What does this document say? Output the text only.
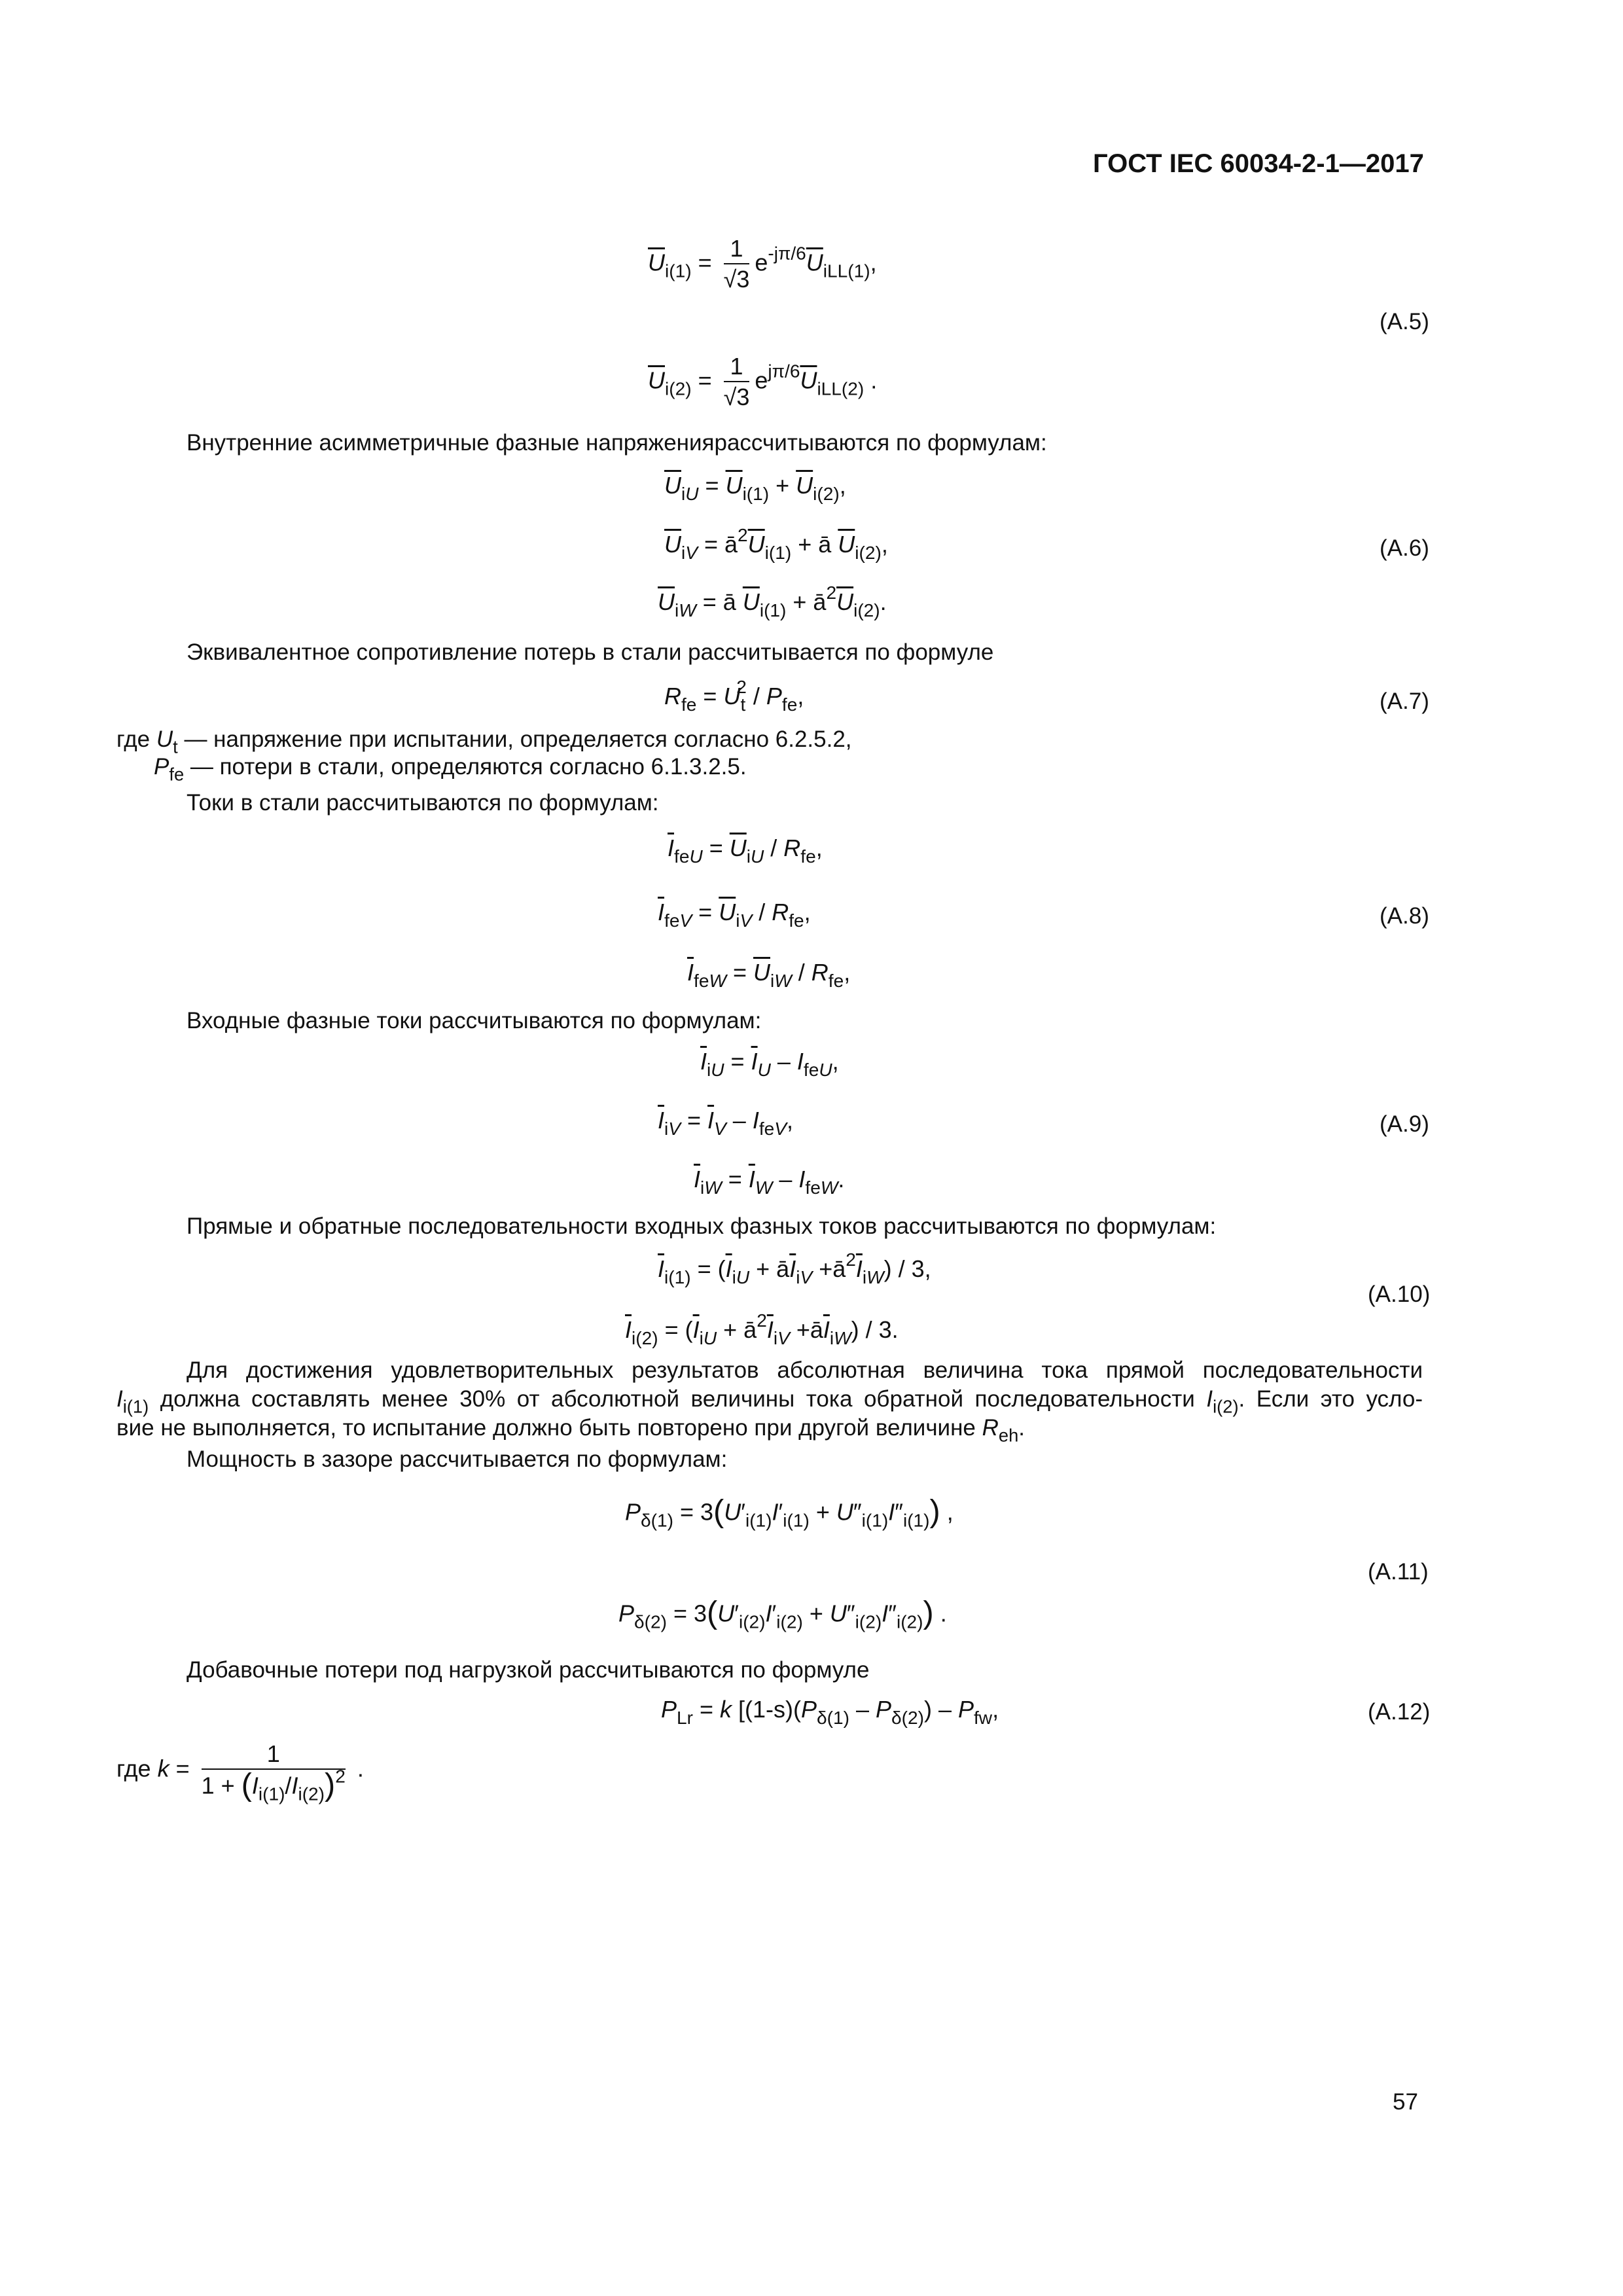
ГОСТ IEC 60034-2-1—2017
$\overline{U}_{i(1)} = \frac{1}{√3} e^{-j\pi/6}\overline{U}_{iLL(1)}$,
(А.5)
$\overline{U}_{i(2)} = \frac{1}{√3} e^{j\pi/6}\overline{U}_{iLL(2)}$ .
Внутренние асимметричные фазные напряжениярассчитываются по формулам:
$\overline{U}_{iU} = \overline{U}_{i(1)} + \overline{U}_{i(2)}$,
$\overline{U}_{iV}$ = $ā^2\overline{U}_{i(1)}$ + ā $\overline{U}_{i(2)}$,	(А.6)
$\overline{U}_{iW}$ = ā $\overline{U}_{i(1)}$ + $ā^2\overline{U}_{i(2)}$.
Эквивалентное сопротивление потерь в стали рассчитывается по формуле
$R_{fe} = U_t^2 / P_{fe}$,	(А.7)
где $U_t$ — напряжение при испытании, определяется согласно 6.2.5.2,
$P_{fe}$ — потери в стали, определяются согласно 6.1.3.2.5.
Токи в стали рассчитываются по формулам:
$\overline{I}_{feU} = \overline{U}_{iU} / R_{fe}$,
$\overline{I}_{feV} = \overline{U}_{iV} / R_{fe}$,	(А.8)
$\overline{I}_{feW} = \overline{U}_{iW} / R_{fe}$,
Входные фазные токи рассчитываются по формулам:
$\overline{I}_{iU} = \overline{I}_U - I_{feU}$,
$\overline{I}_{iV} = \overline{I}_V - I_{feV}$,	(А.9)
$\overline{I}_{iW} = \overline{I}_W - I_{feW}$.
Прямые и обратные последовательности входных фазных токов рассчитываются по формулам:
$\overline{I}_{i(1)} = (\overline{I}_{iU}$ + $ā\overline{I}_{iV}$ $+ā^2\overline{I}_{iW}) / 3$,
(А.10)
$\overline{I}_{i(2)} = (\overline{I}_{iU}$ + $ā^2\overline{I}_{iV}$ $+ā\overline{I}_{iW}) / 3$.
Для достижения удовлетворительных результатов абсолютная величина тока прямой последовательности
$I_{i(1)}$ должна составлять менее 30% от абсолютной величины тока обратной последовательности $I_{i(2)}$. Если это усло-
вие не выполняется, то испытание должно быть повторено при другой величине $R_{eh}$.
Мощность в зазоре рассчитывается по формулам:
$P_{\delta(1)} = 3(U'_{i(1)}I'_{i(1)} + U''_{i(1)}I''_{i(1)})$ ,
(А.11)
$P_{\delta(2)} = 3(U'_{i(2)}I'_{i(2)} + U''_{i(2)}I''_{i(2)})$ .
Добавочные потери под нагрузкой рассчитываются по формуле
$P_{Lr} = k$ [$(1-s)(P_{\delta(1)} - P_{\delta(2)}) - P_{fw}$,	(А.12)
где $k = \frac{1}{1 + (I_{i(1)}/I_{i(2)})^2}$ .
57
